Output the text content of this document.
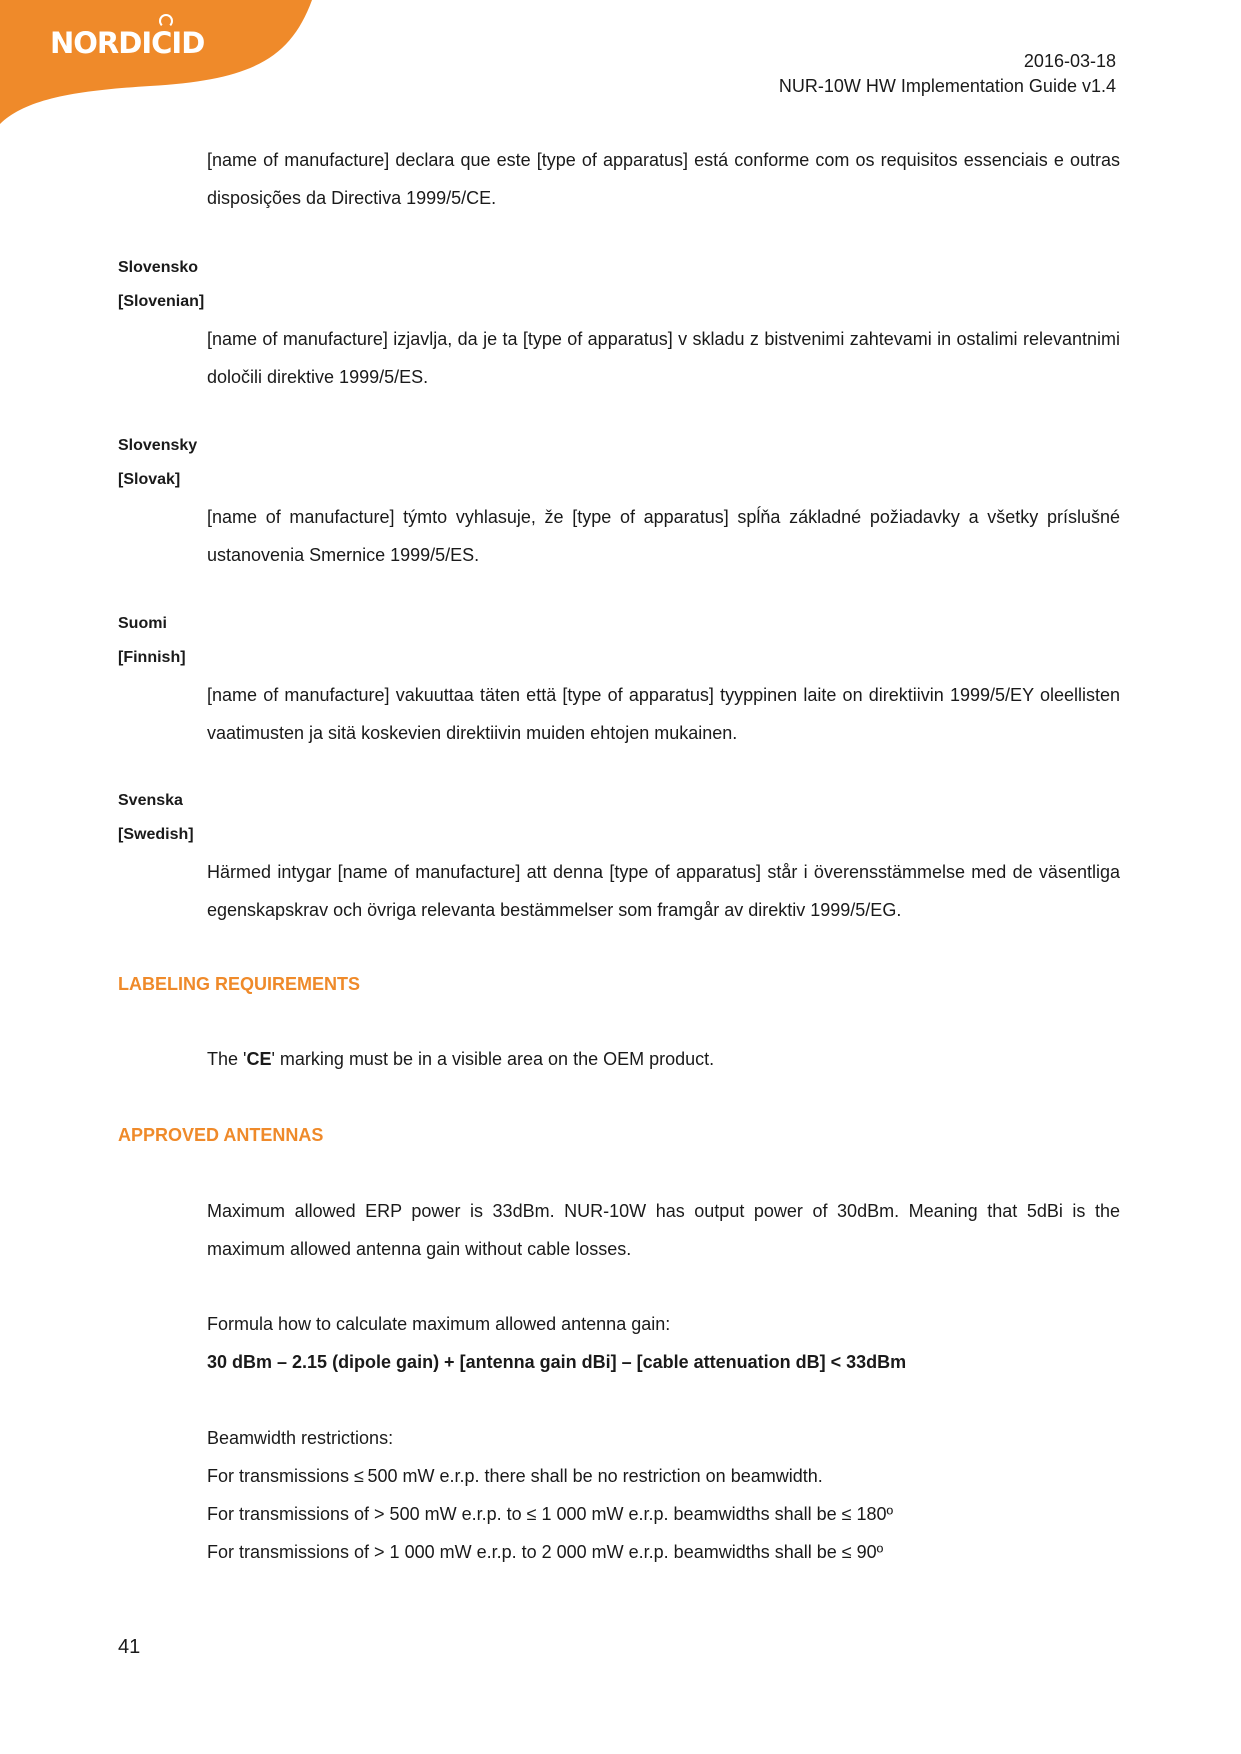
NORDICID
2016-03-18
NUR-10W HW Implementation Guide v1.4

[name of manufacture] declara que este [type of apparatus] está conforme com os requisitos essenciais e outras disposições da Directiva 1999/5/CE.

Slovensko

[Slovenian]

[name of manufacture] izjavlja, da je ta [type of apparatus] v skladu z bistvenimi zahtevami in ostalimi relevantnimi določili direktive 1999/5/ES.

Slovensky

[Slovak]

[name of manufacture] týmto vyhlasuje, že [type of apparatus] spĺňa základné požiadavky a všetky príslušné ustanovenia Smernice 1999/5/ES.

Suomi

[Finnish]

[name of manufacture] vakuuttaa täten että [type of apparatus] tyyppinen laite on direktiivin 1999/5/EY oleellisten vaatimusten ja sitä koskevien direktiivin muiden ehtojen mukainen.

Svenska

[Swedish]

Härmed intygar [name of manufacture] att denna [type of apparatus] står i överensstämmelse med de väsentliga egenskapskrav och övriga relevanta bestämmelser som framgår av direktiv 1999/5/EG.

LABELING REQUIREMENTS

The 'CE' marking must be in a visible area on the OEM product.

APPROVED ANTENNAS

Maximum allowed ERP power is 33dBm. NUR-10W has output power of 30dBm. Meaning that 5dBi is the maximum allowed antenna gain without cable losses.

Formula how to calculate maximum allowed antenna gain:

30 dBm – 2.15 (dipole gain) + [antenna gain dBi] – [cable attenuation dB] < 33dBm

Beamwidth restrictions:

For transmissions ≤ 500 mW e.r.p. there shall be no restriction on beamwidth.

For transmissions of > 500 mW e.r.p. to ≤ 1 000 mW e.r.p. beamwidths shall be ≤ 180º

For transmissions of > 1 000 mW e.r.p. to 2 000 mW e.r.p. beamwidths shall be ≤ 90º

41
